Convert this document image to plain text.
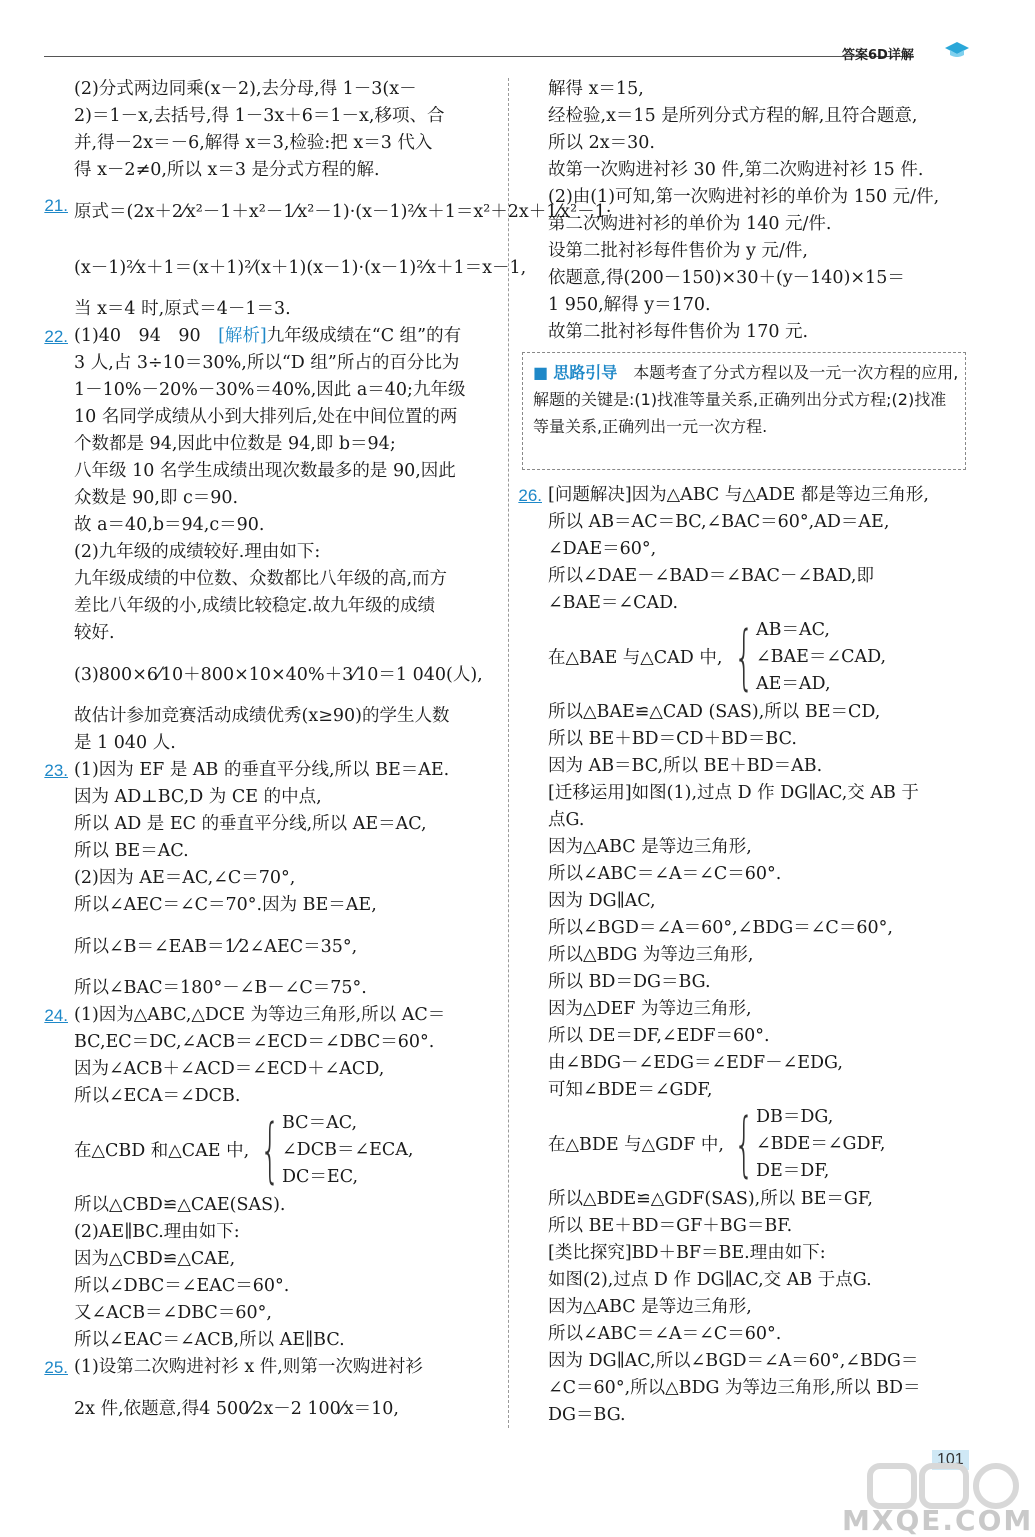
答案6D详解
(2)分式两边同乘(x－2),去分母,得 1－3(x－
2)＝1－x,去括号,得 1－3x＋6＝1－x,移项、合
并,得－2x＝－6,解得 x＝3,检验:把 x＝3 代入
得 x－2≠0,所以 x＝3 是分式方程的解.
21. 原式＝(2x＋2⁄x²－1＋x²－1⁄x²－1)·(x－1)²⁄x＋1＝x²＋2x＋1⁄x²－1·
(x－1)²⁄x＋1＝(x＋1)²⁄(x＋1)(x－1)·(x－1)²⁄x＋1＝x－1,
当 x＝4 时,原式＝4－1＝3.
22. (1)40　94　90　[解析]九年级成绩在“C 组”的有
3 人,占 3÷10＝30%,所以“D 组”所占的百分比为
1－10%－20%－30%＝40%,因此 a＝40;九年级
10 名同学成绩从小到大排列后,处在中间位置的两
个数都是 94,因此中位数是 94,即 b＝94;
八年级 10 名学生成绩出现次数最多的是 90,因此
众数是 90,即 c＝90.
故 a＝40,b＝94,c＝90.
(2)九年级的成绩较好.理由如下:
九年级成绩的中位数、众数都比八年级的高,而方
差比八年级的小,成绩比较稳定.故九年级的成绩
较好.
(3)800×6⁄10＋800×10×40%＋3⁄10＝1 040(人),
故估计参加竞赛活动成绩优秀(x≥90)的学生人数
是 1 040 人.
23. (1)因为 EF 是 AB 的垂直平分线,所以 BE＝AE.
因为 AD⊥BC,D 为 CE 的中点,
所以 AD 是 EC 的垂直平分线,所以 AE＝AC,
所以 BE＝AC.
(2)因为 AE＝AC,∠C＝70°,
所以∠AEC＝∠C＝70°.因为 BE＝AE,
所以∠B＝∠EAB＝1⁄2∠AEC＝35°,
所以∠BAC＝180°－∠B－∠C＝75°.
24. (1)因为△ABC,△DCE 为等边三角形,所以 AC＝
BC,EC＝DC,∠ACB＝∠ECD＝∠DBC＝60°.
因为∠ACB＋∠ACD＝∠ECD＋∠ACD,
所以∠ECA＝∠DCB.
在△CBD 和△CAE 中, { BC＝AC,
∠DCB＝∠ECA,
DC＝EC,
所以△CBD≌△CAE(SAS).
(2)AE∥BC.理由如下:
因为△CBD≌△CAE,
所以∠DBC＝∠EAC＝60°.
又∠ACB＝∠DBC＝60°,
所以∠EAC＝∠ACB,所以 AE∥BC.
25. (1)设第二次购进衬衫 x 件,则第一次购进衬衫
2x 件,依题意,得4 500⁄2x－2 100⁄x＝10,
解得 x＝15,
经检验,x＝15 是所列分式方程的解,且符合题意,
所以 2x＝30.
故第一次购进衬衫 30 件,第二次购进衬衫 15 件.
(2)由(1)可知,第一次购进衬衫的单价为 150 元/件,
第二次购进衬衫的单价为 140 元/件.
设第二批衬衫每件售价为 y 元/件,
依题意,得(200－150)×30＋(y－140)×15＝
1 950,解得 y＝170.
故第二批衬衫每件售价为 170 元.
26. [问题解决]因为△ABC 与△ADE 都是等边三角形,
所以 AB＝AC＝BC,∠BAC＝60°,AD＝AE,
∠DAE＝60°,
所以∠DAE－∠BAD＝∠BAC－∠BAD,即
∠BAE＝∠CAD.
在△BAE 与△CAD 中, { AB＝AC,
∠BAE＝∠CAD,
AE＝AD,
所以△BAE≌△CAD (SAS),所以 BE＝CD,
所以 BE＋BD＝CD＋BD＝BC.
因为 AB＝BC,所以 BE＋BD＝AB.
[迁移运用]如图(1),过点 D 作 DG∥AC,交 AB 于
点G.
因为△ABC 是等边三角形,
所以∠ABC＝∠A＝∠C＝60°.
因为 DG∥AC,
所以∠BGD＝∠A＝60°,∠BDG＝∠C＝60°,
所以△BDG 为等边三角形,
所以 BD＝DG＝BG.
因为△DEF 为等边三角形,
所以 DE＝DF,∠EDF＝60°.
由∠BDG－∠EDG＝∠EDF－∠EDG,
可知∠BDE＝∠GDF,
在△BDE 与△GDF 中, { DB＝DG,
∠BDE＝∠GDF,
DE＝DF,
所以△BDE≌△GDF(SAS),所以 BE＝GF,
所以 BE＋BD＝GF＋BG＝BF.
[类比探究]BD＋BF＝BE.理由如下:
如图(2),过点 D 作 DG∥AC,交 AB 于点G.
因为△ABC 是等边三角形,
所以∠ABC＝∠A＝∠C＝60°.
因为 DG∥AC,所以∠BGD＝∠A＝60°,∠BDG＝
∠C＝60°,所以△BDG 为等边三角形,所以 BD＝
DG＝BG.
■ 思路引导　 本题考查了分式方程以及一元一次方程的应用,解题的关键是:(1)找准等量关系,正确列出分式方程;(2)找准等量关系,正确列出一元一次方程.
101
MXQE.COM
